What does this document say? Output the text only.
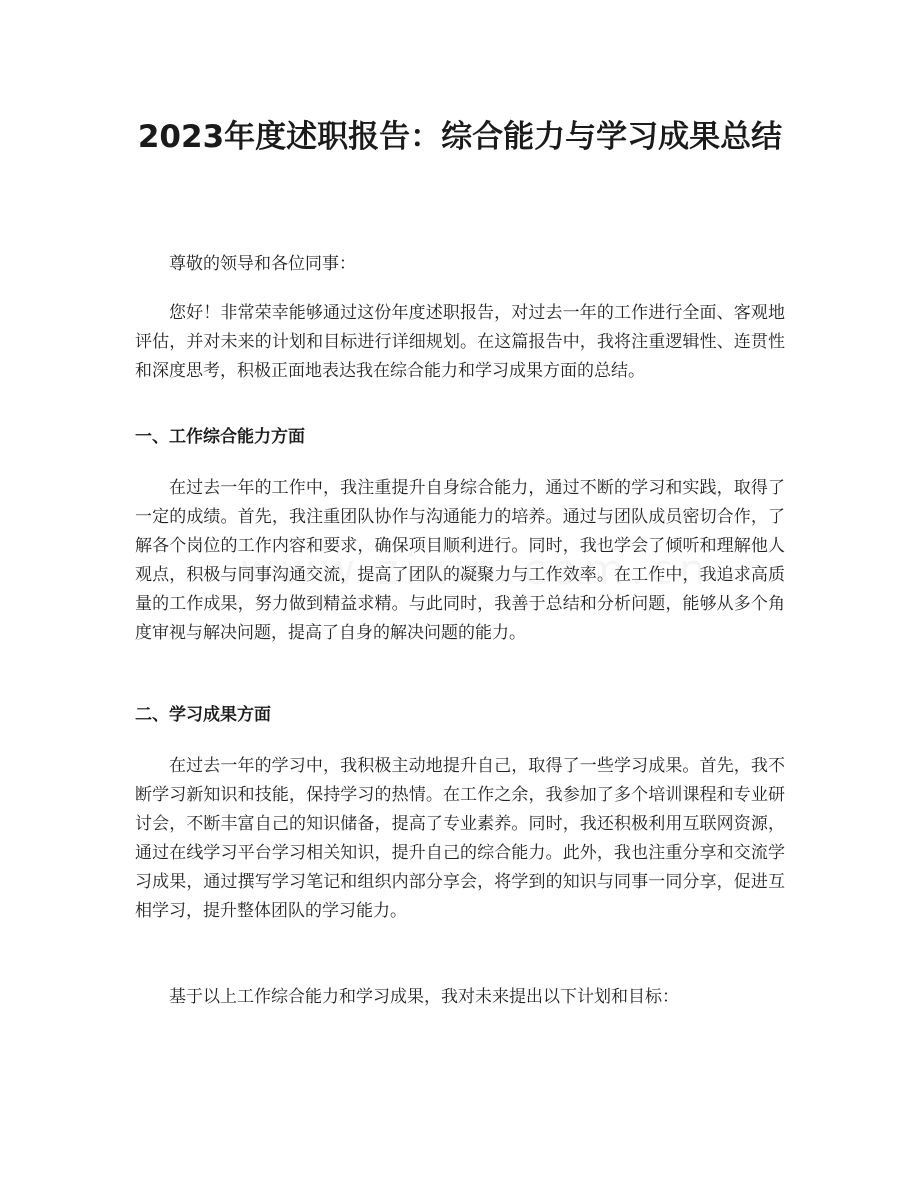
2023年度述职报告：综合能力与学习成果总结

尊敬的领导和各位同事：

您好！非常荣幸能够通过这份年度述职报告，对过去一年的工作进行全面、客观地评估，并对未来的计划和目标进行详细规划。在这篇报告中，我将注重逻辑性、连贯性和深度思考，积极正面地表达我在综合能力和学习成果方面的总结。

一、工作综合能力方面

在过去一年的工作中，我注重提升自身综合能力，通过不断的学习和实践，取得了一定的成绩。首先，我注重团队协作与沟通能力的培养。通过与团队成员密切合作，了解各个岗位的工作内容和要求，确保项目顺利进行。同时，我也学会了倾听和理解他人观点，积极与同事沟通交流，提高了团队的凝聚力与工作效率。在工作中，我追求高质量的工作成果，努力做到精益求精。与此同时，我善于总结和分析问题，能够从多个角度审视与解决问题，提高了自身的解决问题的能力。

二、学习成果方面

在过去一年的学习中，我积极主动地提升自己，取得了一些学习成果。首先，我不断学习新知识和技能，保持学习的热情。在工作之余，我参加了多个培训课程和专业研讨会，不断丰富自己的知识储备，提高了专业素养。同时，我还积极利用互联网资源，通过在线学习平台学习相关知识，提升自己的综合能力。此外，我也注重分享和交流学习成果，通过撰写学习笔记和组织内部分享会，将学到的知识与同事一同分享，促进互相学习，提升整体团队的学习能力。

基于以上工作综合能力和学习成果，我对未来提出以下计划和目标：
